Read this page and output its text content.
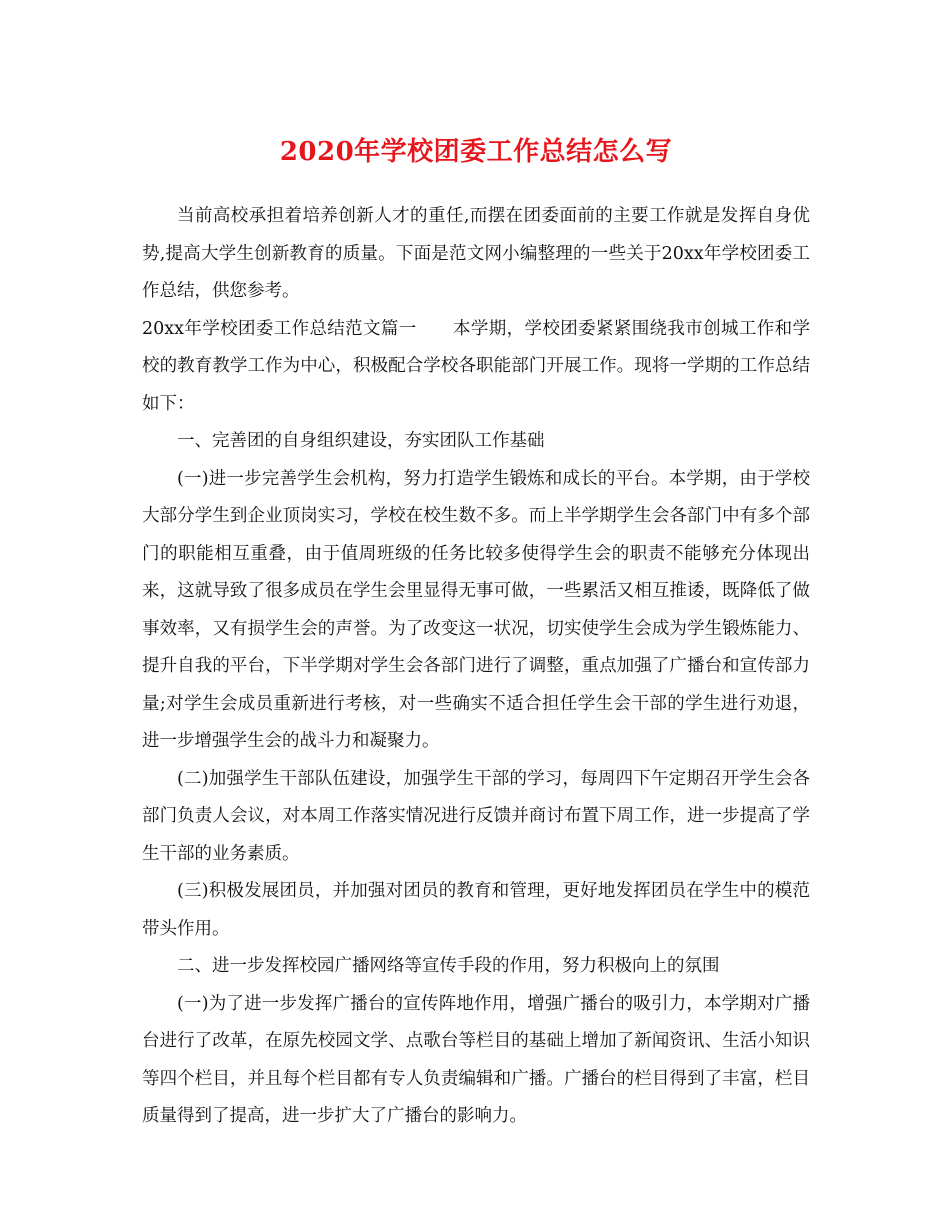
2020年学校团委工作总结怎么写

当前高校承担着培养创新人才的重任,而摆在团委面前的主要工作就是发挥自身优势,提高大学生创新教育的质量。下面是范文网小编整理的一些关于20xx年学校团委工作总结，供您参考。

20xx年学校团委工作总结范文篇一 本学期，学校团委紧紧围绕我市创城工作和学校的教育教学工作为中心，积极配合学校各职能部门开展工作。现将一学期的工作总结如下：

一、完善团的自身组织建设，夯实团队工作基础

(一)进一步完善学生会机构，努力打造学生锻炼和成长的平台。本学期，由于学校大部分学生到企业顶岗实习，学校在校生数不多。而上半学期学生会各部门中有多个部门的职能相互重叠，由于值周班级的任务比较多使得学生会的职责不能够充分体现出来，这就导致了很多成员在学生会里显得无事可做，一些累活又相互推诿，既降低了做事效率，又有损学生会的声誉。为了改变这一状况，切实使学生会成为学生锻炼能力、提升自我的平台，下半学期对学生会各部门进行了调整，重点加强了广播台和宣传部力量;对学生会成员重新进行考核，对一些确实不适合担任学生会干部的学生进行劝退，进一步增强学生会的战斗力和凝聚力。

(二)加强学生干部队伍建设，加强学生干部的学习，每周四下午定期召开学生会各部门负责人会议，对本周工作落实情况进行反馈并商讨布置下周工作，进一步提高了学生干部的业务素质。

(三)积极发展团员，并加强对团员的教育和管理，更好地发挥团员在学生中的模范带头作用。

二、进一步发挥校园广播网络等宣传手段的作用，努力积极向上的氛围

(一)为了进一步发挥广播台的宣传阵地作用，增强广播台的吸引力，本学期对广播台进行了改革，在原先校园文学、点歌台等栏目的基础上增加了新闻资讯、生活小知识等四个栏目，并且每个栏目都有专人负责编辑和广播。广播台的栏目得到了丰富，栏目质量得到了提高，进一步扩大了广播台的影响力。
